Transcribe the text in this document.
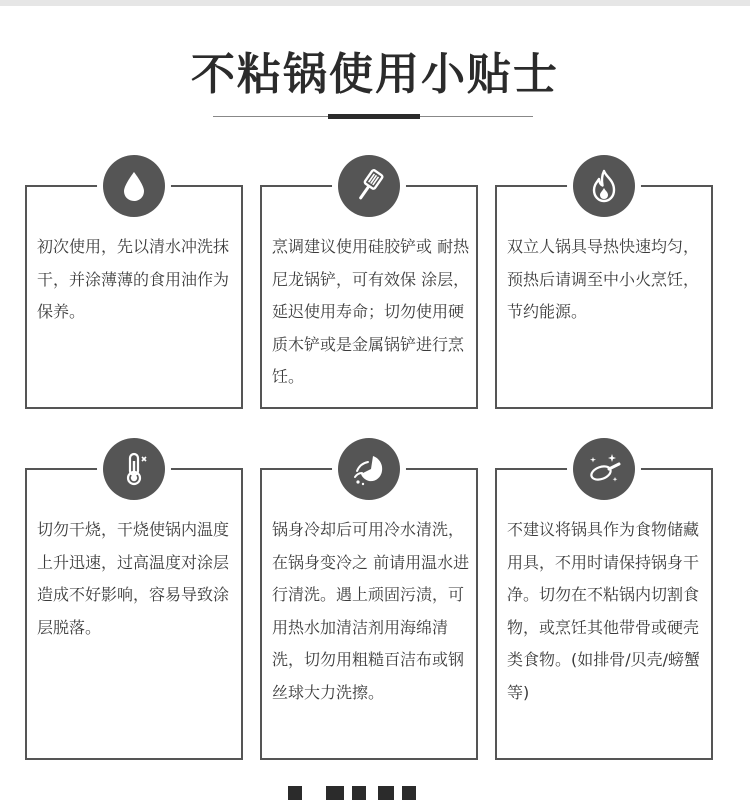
不粘锅使用小贴士
初次使用，先以清水冲洗抹干，并涂薄薄的食用油作为保养。
烹调建议使用硅胶铲或 耐热尼龙锅铲，可有效保 涂层，延迟使用寿命；切勿使用硬质木铲或是金属锅铲进行烹饪。
双立人锅具导热快速均匀，预热后请调至中小火烹饪，节约能源。
切勿干烧，干烧使锅内温度上升迅速，过高温度对涂层造成不好影响，容易导致涂层脱落。
锅身冷却后可用冷水清洗，在锅身变冷之 前请用温水进行清洗。遇上顽固污渍，可用热水加清洁剂用海绵清洗，切勿用粗糙百洁布或钢丝球大力洗擦。
不建议将锅具作为食物储藏用具，不用时请保持锅身干净。切勿在不粘锅内切割食物，或烹饪其他带骨或硬壳类食物。(如排骨/贝壳/螃蟹等)
